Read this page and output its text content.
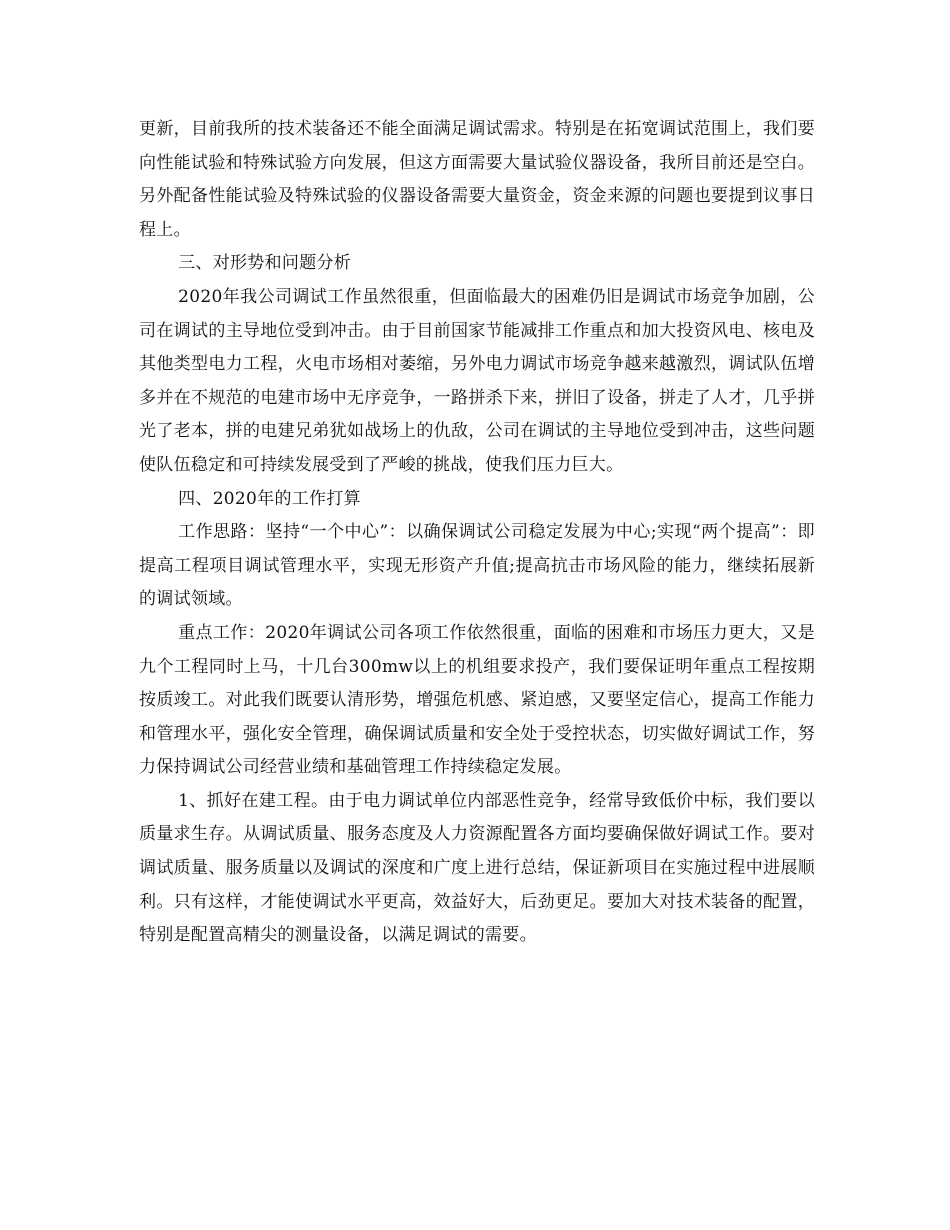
更新，目前我所的技术装备还不能全面满足调试需求。特别是在拓宽调试范围上，我们要向性能试验和特殊试验方向发展，但这方面需要大量试验仪器设备，我所目前还是空白。另外配备性能试验及特殊试验的仪器设备需要大量资金，资金来源的问题也要提到议事日程上。

三、对形势和问题分析

2020年我公司调试工作虽然很重，但面临最大的困难仍旧是调试市场竞争加剧，公司在调试的主导地位受到冲击。由于目前国家节能减排工作重点和加大投资风电、核电及其他类型电力工程，火电市场相对萎缩，另外电力调试市场竞争越来越激烈，调试队伍增多并在不规范的电建市场中无序竞争，一路拼杀下来，拼旧了设备，拼走了人才，几乎拼光了老本，拼的电建兄弟犹如战场上的仇敌，公司在调试的主导地位受到冲击，这些问题使队伍稳定和可持续发展受到了严峻的挑战，使我们压力巨大。

四、2020年的工作打算

工作思路：坚持“一个中心”：以确保调试公司稳定发展为中心;实现“两个提高”：即提高工程项目调试管理水平，实现无形资产升值;提高抗击市场风险的能力，继续拓展新的调试领域。

重点工作：2020年调试公司各项工作依然很重，面临的困难和市场压力更大，又是九个工程同时上马，十几台300mw以上的机组要求投产，我们要保证明年重点工程按期按质竣工。对此我们既要认清形势，增强危机感、紧迫感，又要坚定信心，提高工作能力和管理水平，强化安全管理，确保调试质量和安全处于受控状态，切实做好调试工作，努力保持调试公司经营业绩和基础管理工作持续稳定发展。

1、抓好在建工程。由于电力调试单位内部恶性竞争，经常导致低价中标，我们要以质量求生存。从调试质量、服务态度及人力资源配置各方面均要确保做好调试工作。要对调试质量、服务质量以及调试的深度和广度上进行总结，保证新项目在实施过程中进展顺利。只有这样，才能使调试水平更高，效益好大，后劲更足。要加大对技术装备的配置，特别是配置高精尖的测量设备，以满足调试的需要。
